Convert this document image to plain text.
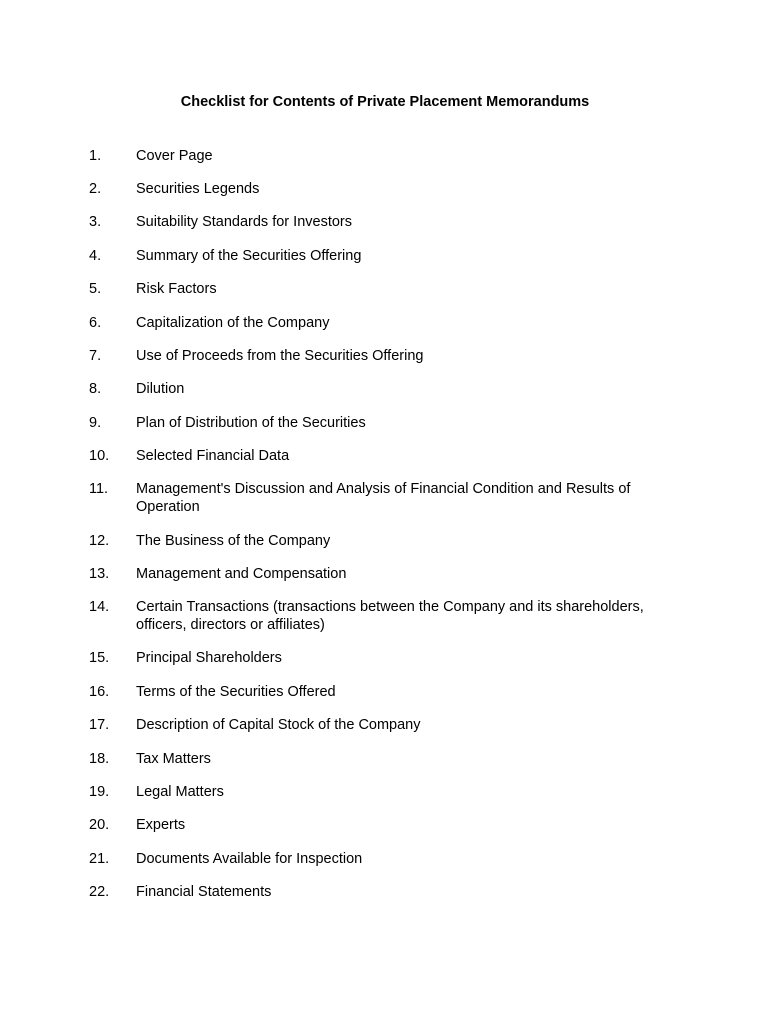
Checklist for Contents of Private Placement Memorandums
1. Cover Page
2. Securities Legends
3. Suitability Standards for Investors
4. Summary of the Securities Offering
5. Risk Factors
6. Capitalization of the Company
7. Use of Proceeds from the Securities Offering
8. Dilution
9. Plan of Distribution of the Securities
10. Selected Financial Data
11. Management's Discussion and Analysis of Financial Condition and Results of Operation
12. The Business of the Company
13. Management and Compensation
14. Certain Transactions (transactions between the Company and its shareholders, officers, directors or affiliates)
15. Principal Shareholders
16. Terms of the Securities Offered
17. Description of Capital Stock of the Company
18. Tax Matters
19. Legal Matters
20. Experts
21. Documents Available for Inspection
22. Financial Statements
